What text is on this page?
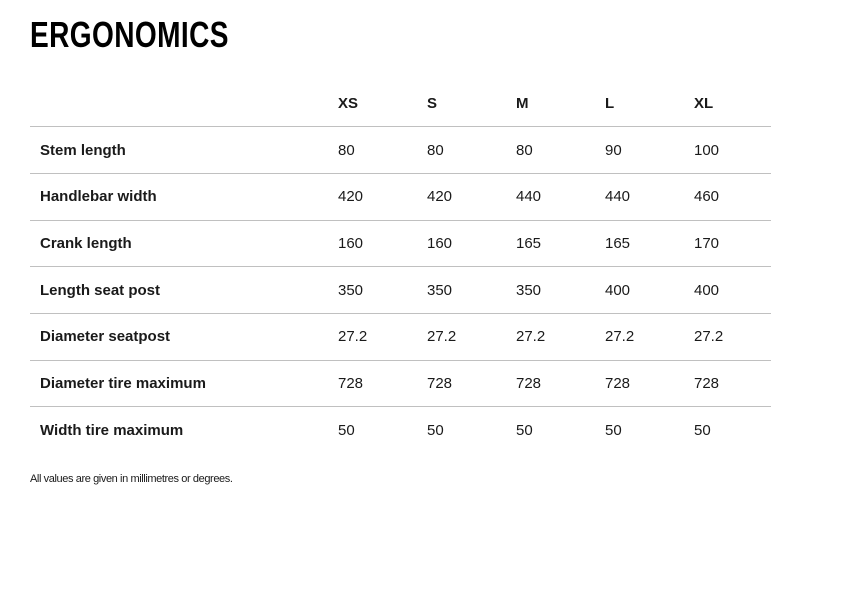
ERGONOMICS
	XS	S	M	L	XL
Stem length	80	80	80	90	100
Handlebar width	420	420	440	440	460
Crank length	160	160	165	165	170
Length seat post	350	350	350	400	400
Diameter seatpost	27.2	27.2	27.2	27.2	27.2
Diameter tire maximum	728	728	728	728	728
Width tire maximum	50	50	50	50	50
All values are given in millimetres or degrees.
